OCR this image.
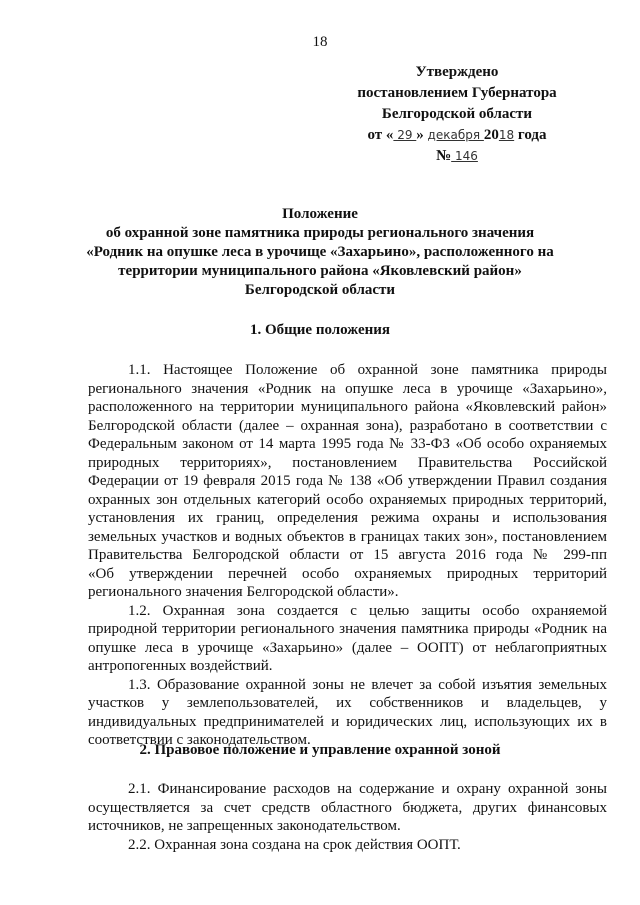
18
Утверждено
постановлением Губернатора
Белгородской области
от « 29 » декабря 2018 года
№ 146
Положение
об охранной зоне памятника природы регионального значения
«Родник на опушке леса в урочище «Захарьино», расположенного на
территории муниципального района «Яковлевский район»
Белгородской области
1. Общие положения
1.1. Настоящее Положение об охранной зоне памятника природы
регионального значения «Родник на опушке леса в урочище «Захарьино»,
расположенного на территории муниципального района «Яковлевский район»
Белгородской области (далее – охранная зона), разработано в соответствии с
Федеральным законом от 14 марта 1995 года № 33-ФЗ «Об особо охраняемых
природных территориях», постановлением Правительства Российской
Федерации от 19 февраля 2015 года № 138 «Об утверждении Правил создания
охранных зон отдельных категорий особо охраняемых природных территорий,
установления их границ, определения режима охраны и использования
земельных участков и водных объектов в границах таких зон», постановлением
Правительства Белгородской области от 15 августа 2016 года № 299-пп
«Об утверждении перечней особо охраняемых природных территорий
регионального значения Белгородской области».
1.2. Охранная зона создается с целью защиты особо охраняемой
природной территории регионального значения памятника природы «Родник на
опушке леса в урочище «Захарьино» (далее – ООПТ) от неблагоприятных
антропогенных воздействий.
1.3. Образование охранной зоны не влечет за собой изъятия земельных
участков у землепользователей, их собственников и владельцев, у
индивидуальных предпринимателей и юридических лиц, использующих их в
соответствии с законодательством.
2. Правовое положение и управление охранной зоной
2.1. Финансирование расходов на содержание и охрану охранной зоны
осуществляется за счет средств областного бюджета, других финансовых
источников, не запрещенных законодательством.
2.2. Охранная зона создана на срок действия ООПТ.
